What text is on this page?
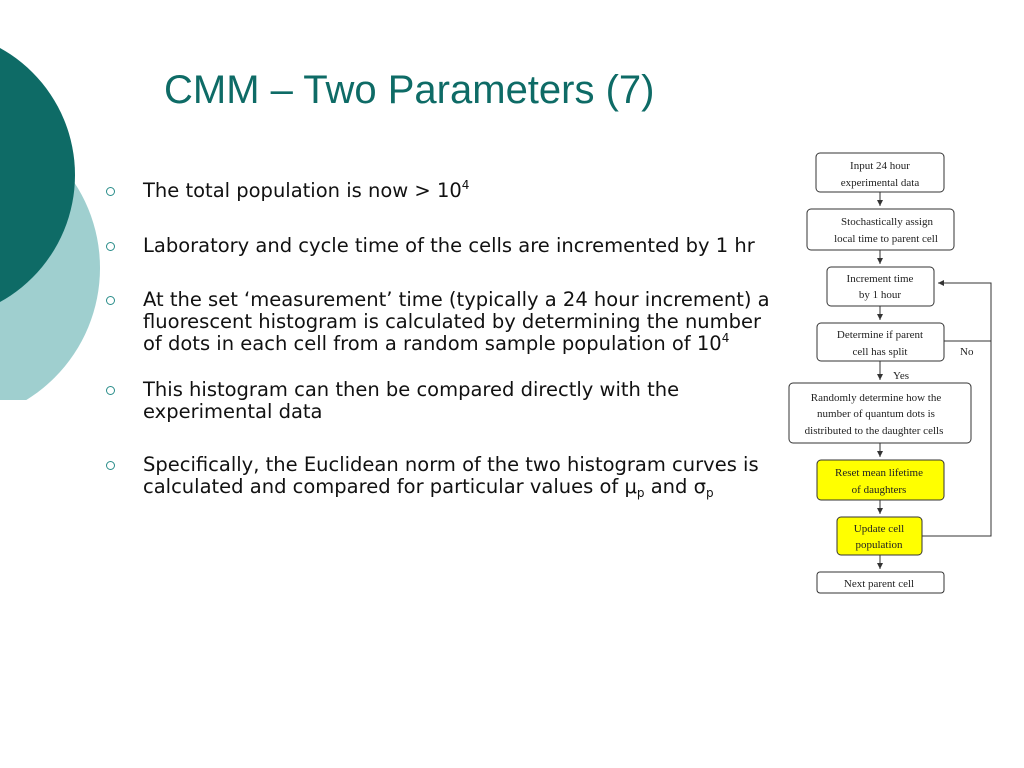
CMM – Two Parameters (7)
The total population is now > $10^4$
Laboratory and cycle time of the cells are incremented by 1 hr
At the set ‘measurement’ time (typically a 24 hour increment) a fluorescent histogram is calculated by determining the number of dots in each cell from a random sample population of $10^4$
This histogram can then be compared directly with the experimental data
Specifically, the Euclidean norm of the two histogram curves is calculated and compared for particular values of $\mu_p$ and $\sigma_p$
Input 24 hour
experimental data
Stochastically assign
local time to parent cell
Increment time
by 1 hour
Determine if parent
cell has split
Yes
No
Randomly determine how the
number of quantum dots is
distributed to the daughter cells
Reset mean lifetime
of daughters
Update cell
population
Next parent cell
